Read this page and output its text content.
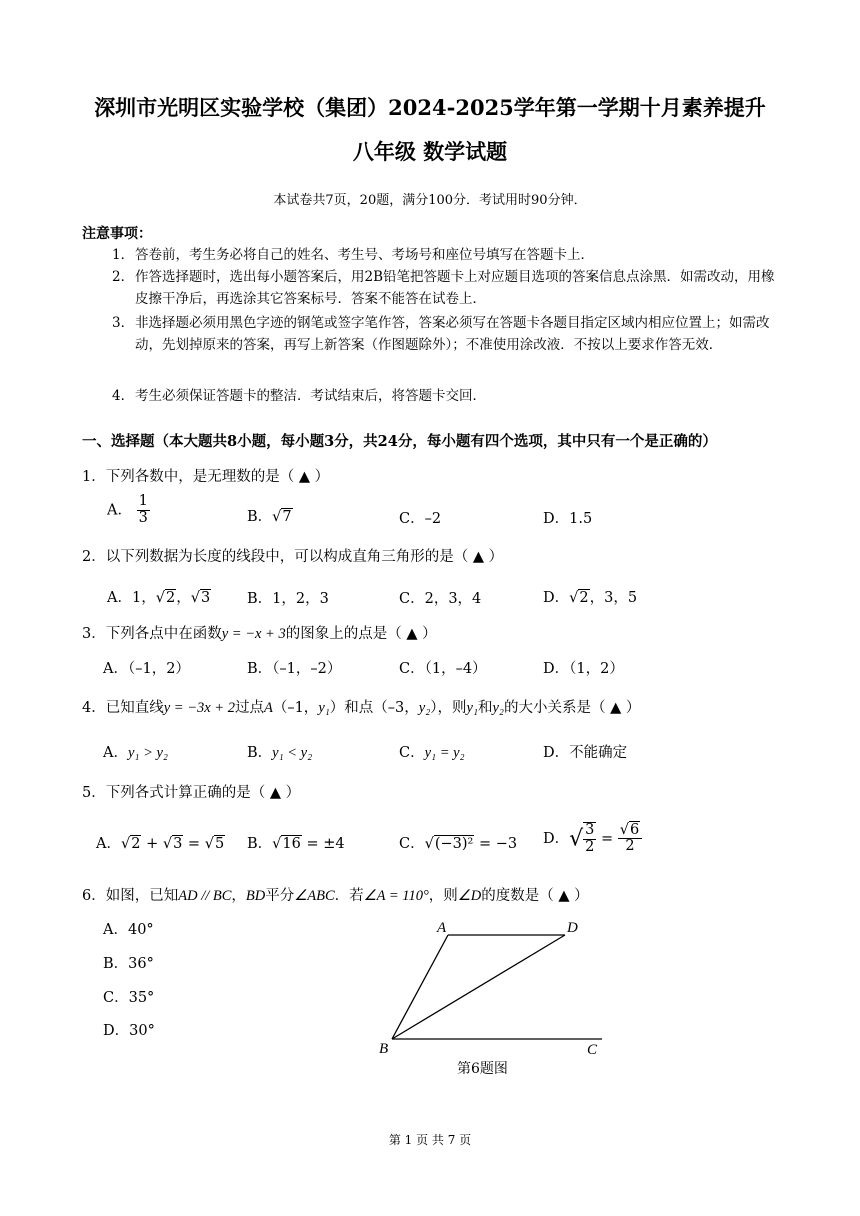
深圳市光明区实验学校（集团）2024-2025学年第一学期十月素养提升
八年级 数学试题
本试卷共7页，20题，满分100分．考试用时90分钟．
注意事项：
1． 答卷前，考生务必将自己的姓名、考生号、考场号和座位号填写在答题卡上．
2． 作答选择题时，选出每小题答案后，用2B铅笔把答题卡上对应题目选项的答案信息点涂黑．如需改动，用橡皮擦干净后，再选涂其它答案标号．答案不能答在试卷上．
3． 非选择题必须用黑色字迹的钢笔或签字笔作答，答案必须写在答题卡各题目指定区域内相应位置上；如需改动，先划掉原来的答案，再写上新答案（作图题除外）；不准使用涂改液．不按以上要求作答无效．
4． 考生必须保证答题卡的整洁．考试结束后，将答题卡交回．
一、选择题（本大题共8小题，每小题3分，共24分，每小题有四个选项，其中只有一个是正确的）
1．下列各数中，是无理数的是（ ▲ ）
A． $\frac{1}{3}$	B．√7	C．–2	D．1.5
2．以下列数据为长度的线段中，可以构成直角三角形的是（ ▲ ）
A．1，√2，√3	B．1，2，3	C．2，3，4	D．√2，3，5
3．下列各点中在函数y = −x + 3的图象上的点是（ ▲ ）
A．（–1，2）	B．（–1，–2）	C．（1，–4）	D．（1，2）
4．已知直线y = −3x + 2过点A（–1，y₁）和点（–3，y₂），则y₁和y₂的大小关系是（ ▲ ）
A．y₁ > y₂	B．y₁ < y₂	C．y₁ = y₂	D．不能确定
5．下列各式计算正确的是（ ▲ ）
A．√2 + √3 = √5 B．√16 = ±4	C．√(−3)² = −3 D．√ $\frac{3}{2} = \frac{√6}{2}$
6．如图，已知AD // BC，BD平分∠ABC．若∠A = 110°，则∠D的度数是（ ▲ ）
A．40°
B．36°
C．35°
D．30°
A	D
B	C
第6题图
第 1 页 共 7 页
